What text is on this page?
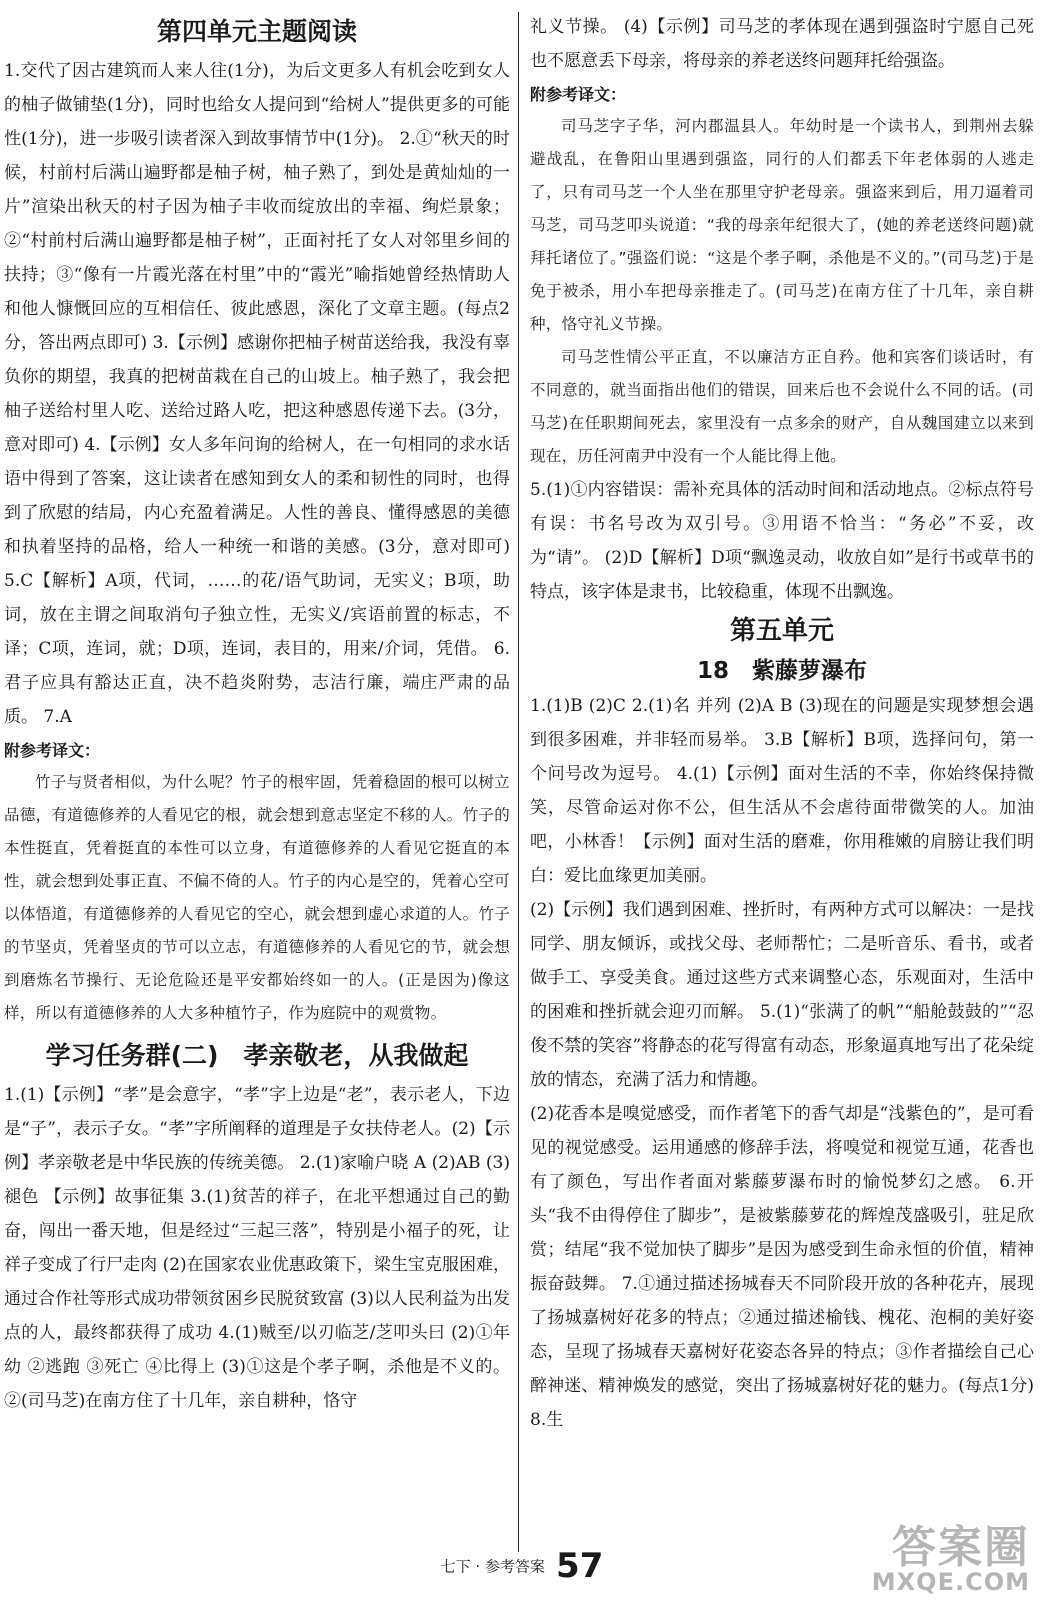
第四单元主题阅读

1.交代了因古建筑而人来人往(1分)，为后文更多人有机会吃到女人的柚子做铺垫(1分)，同时也给女人提问到“给树人”提供更多的可能性(1分)，进一步吸引读者深入到故事情节中(1分)。 2.①“秋天的时候，村前村后满山遍野都是柚子树，柚子熟了，到处是黄灿灿的一片”渲染出秋天的村子因为柚子丰收而绽放出的幸福、绚烂景象；②“村前村后满山遍野都是柚子树”，正面衬托了女人对邻里乡间的扶持；③“像有一片霞光落在村里”中的“霞光”喻指她曾经热情助人和他人慷慨回应的互相信任、彼此感恩，深化了文章主题。(每点2分，答出两点即可) 3.【示例】感谢你把柚子树苗送给我，我没有辜负你的期望，我真的把树苗栽在自己的山坡上。柚子熟了，我会把柚子送给村里人吃、送给过路人吃，把这种感恩传递下去。(3分，意对即可) 4.【示例】女人多年问询的给树人，在一句相同的求水话语中得到了答案，这让读者在感知到女人的柔和韧性的同时，也得到了欣慰的结局，内心充盈着满足。人性的善良、懂得感恩的美德和执着坚持的品格，给人一种统一和谐的美感。(3分，意对即可) 5.C【解析】A项，代词，……的花/语气助词，无实义；B项，助词，放在主谓之间取消句子独立性，无实义/宾语前置的标志，不译；C项，连词，就；D项，连词，表目的，用来/介词，凭借。 6.君子应具有豁达正直，决不趋炎附势，志洁行廉，端庄严肃的品质。 7.A

附参考译文：

竹子与贤者相似，为什么呢？竹子的根牢固，凭着稳固的根可以树立品德，有道德修养的人看见它的根，就会想到意志坚定不移的人。竹子的本性挺直，凭着挺直的本性可以立身，有道德修养的人看见它挺直的本性，就会想到处事正直、不偏不倚的人。竹子的内心是空的，凭着心空可以体悟道，有道德修养的人看见它的空心，就会想到虚心求道的人。竹子的节坚贞，凭着坚贞的节可以立志，有道德修养的人看见它的节，就会想到磨炼名节操行、无论危险还是平安都始终如一的人。(正是因为)像这样，所以有道德修养的人大多种植竹子，作为庭院中的观赏物。

学习任务群(二)　孝亲敬老，从我做起

1.(1)【示例】“孝”是会意字，“孝”字上边是“老”，表示老人，下边是“子”，表示子女。“孝”字所阐释的道理是子女扶侍老人。(2)【示例】孝亲敬老是中华民族的传统美德。 2.(1)家喻户晓 A (2)AB (3)褪色 【示例】故事征集 3.(1)贫苦的祥子，在北平想通过自己的勤奋，闯出一番天地，但是经过“三起三落”，特别是小福子的死，让祥子变成了行尸走肉 (2)在国家农业优惠政策下，梁生宝克服困难，通过合作社等形式成功带领贫困乡民脱贫致富 (3)以人民利益为出发点的人，最终都获得了成功 4.(1)贼至/以刃临芝/芝叩头曰 (2)①年幼 ②逃跑 ③死亡 ④比得上 (3)①这是个孝子啊，杀他是不义的。 ②(司马芝)在南方住了十几年，亲自耕种，恪守

礼义节操。 (4)【示例】司马芝的孝体现在遇到强盗时宁愿自己死也不愿意丢下母亲，将母亲的养老送终问题拜托给强盗。

附参考译文：

司马芝字子华，河内郡温县人。年幼时是一个读书人，到荆州去躲避战乱，在鲁阳山里遇到强盗，同行的人们都丢下年老体弱的人逃走了，只有司马芝一个人坐在那里守护老母亲。强盗来到后，用刀逼着司马芝，司马芝叩头说道：“我的母亲年纪很大了，(她的养老送终问题)就拜托诸位了。”强盗们说：“这是个孝子啊，杀他是不义的。”(司马芝)于是免于被杀，用小车把母亲推走了。(司马芝)在南方住了十几年，亲自耕种，恪守礼义节操。

司马芝性情公平正直，不以廉洁方正自矜。他和宾客们谈话时，有不同意的，就当面指出他们的错误，回来后也不会说什么不同的话。(司马芝)在任职期间死去，家里没有一点多余的财产，自从魏国建立以来到现在，历任河南尹中没有一个人能比得上他。

5.(1)①内容错误：需补充具体的活动时间和活动地点。②标点符号有误：书名号改为双引号。③用语不恰当：“务必”不妥，改为“请”。 (2)D【解析】D项“飘逸灵动，收放自如”是行书或草书的特点，该字体是隶书，比较稳重，体现不出飘逸。

第五单元
18　紫藤萝瀑布

1.(1)B (2)C 2.(1)名 并列 (2)A B (3)现在的问题是实现梦想会遇到很多困难，并非轻而易举。 3.B【解析】B项，选择问句，第一个问号改为逗号。 4.(1)【示例】面对生活的不幸，你始终保持微笑，尽管命运对你不公，但生活从不会虐待面带微笑的人。加油吧，小林香！【示例】面对生活的磨难，你用稚嫩的肩膀让我们明白：爱比血缘更加美丽。

(2)【示例】我们遇到困难、挫折时，有两种方式可以解决：一是找同学、朋友倾诉，或找父母、老师帮忙；二是听音乐、看书，或者做手工、享受美食。通过这些方式来调整心态，乐观面对，生活中的困难和挫折就会迎刃而解。 5.(1)“张满了的帆”“船舱鼓鼓的”“忍俊不禁的笑容”将静态的花写得富有动态，形象逼真地写出了花朵绽放的情态，充满了活力和情趣。

(2)花香本是嗅觉感受，而作者笔下的香气却是“浅紫色的”，是可看见的视觉感受。运用通感的修辞手法，将嗅觉和视觉互通，花香也有了颜色，写出作者面对紫藤萝瀑布时的愉悦梦幻之感。 6.开头“我不由得停住了脚步”，是被紫藤萝花的辉煌茂盛吸引，驻足欣赏；结尾“我不觉加快了脚步”是因为感受到生命永恒的价值，精神振奋鼓舞。 7.①通过描述扬城春天不同阶段开放的各种花卉，展现了扬城嘉树好花多的特点；②通过描述榆钱、槐花、泡桐的美好姿态，呈现了扬城春天嘉树好花姿态各异的特点；③作者描绘自己心醉神迷、精神焕发的感觉，突出了扬城嘉树好花的魅力。(每点1分) 8.生

七下 · 参考答案 57	答案圈
MXQE.COM
